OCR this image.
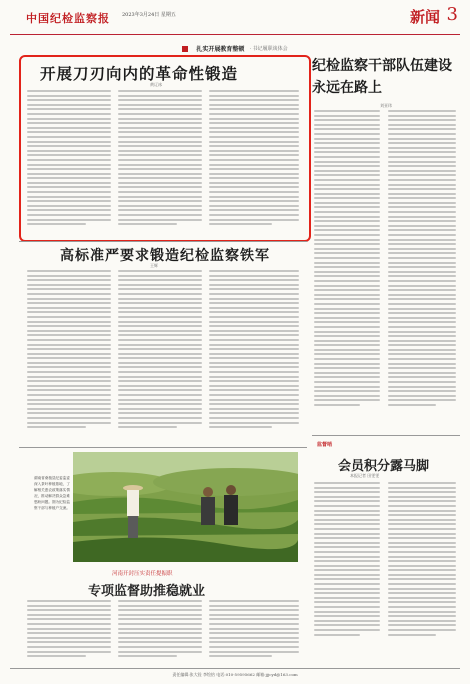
中国纪检监察报 2023年3月24日 星期五	新闻 3
扎实开展教育整顿 · 书记履职谈体会
开展刀刃向内的革命性锻造
黄辽冰
纪检监察干部队伍建设永远在路上
刘亚玮
高标准严要求锻造纪检监察铁军
王辉
监督哨
会员积分露马脚
本报记者 田雯雯
湖南省桑植县纪委监委深入茶叶种植基地，了解相关惠农政策落实情况，推动解决群众急难愁盼问题。图为纪检监察干部与种植户交流。
河南开封压实责任提振职
专项监督助推稳就业
责任编辑:张大铨 李绘怡 电话:010-59595662 邮箱:jjjcyd@163.com
